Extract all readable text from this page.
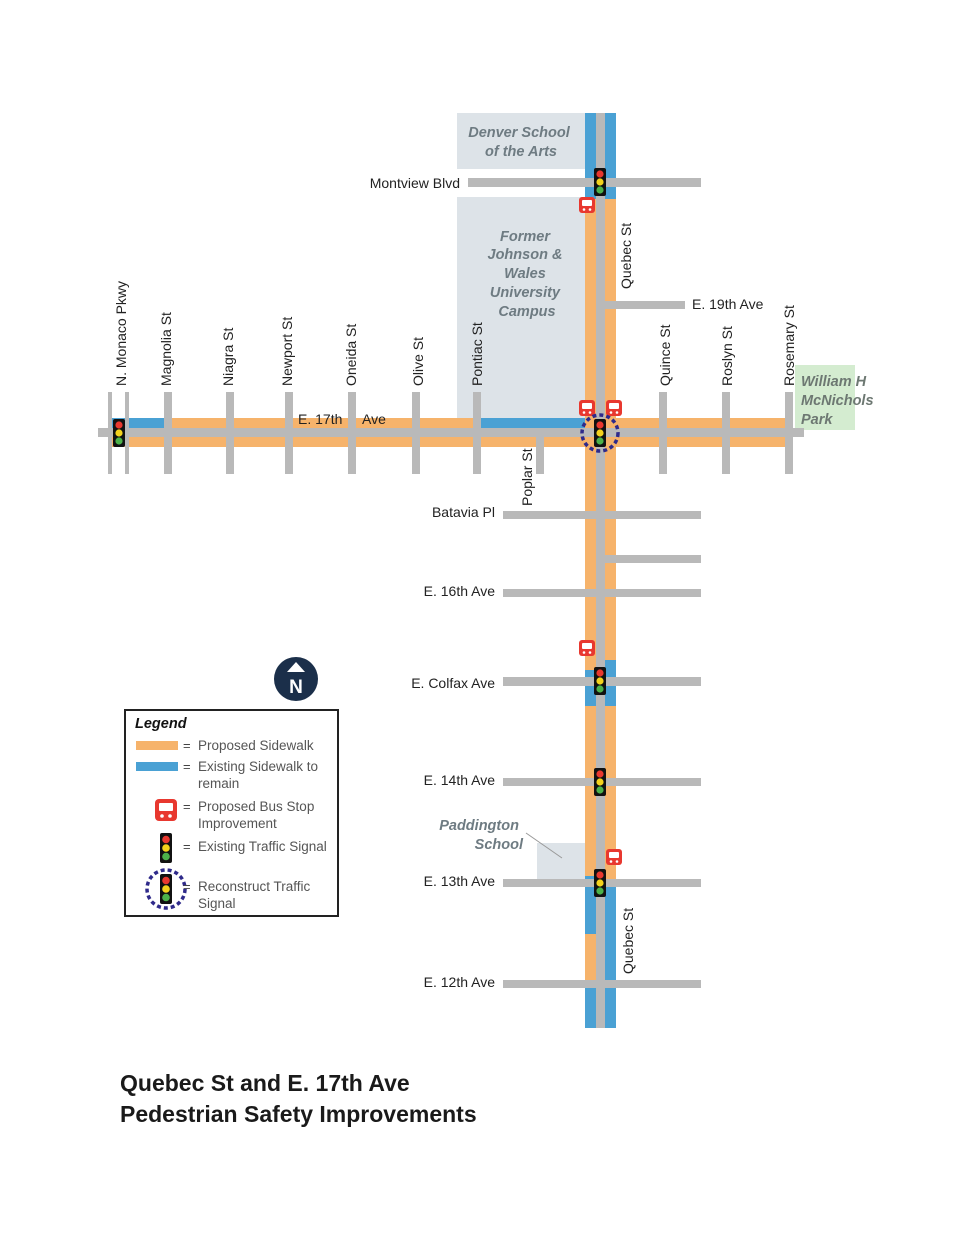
N
Denver School of the Arts
Former Johnson & Wales University Campus
William H McNichols Park
Paddington School
Montview Blvd
E. 19th Ave
E. 17th Ave
Batavia Pl
E. 16th Ave
E. Colfax Ave
E. 14th Ave
E. 13th Ave
E. 12th Ave
N. Monaco Pkwy Magnolia St	Niagra St	Newport St	Oneida St	Olive St	Pontiac St
Poplar St
Quebec St
Quince St	Roslyn St	Rosemary St
Quebec St
Legend
= Proposed Sidewalk
= Existing Sidewalk to remain
= Proposed Bus Stop Improvement
= Existing Traffic Signal
= Reconstruct Traffic Signal
Quebec St and E. 17th Ave
Pedestrian Safety Improvements
